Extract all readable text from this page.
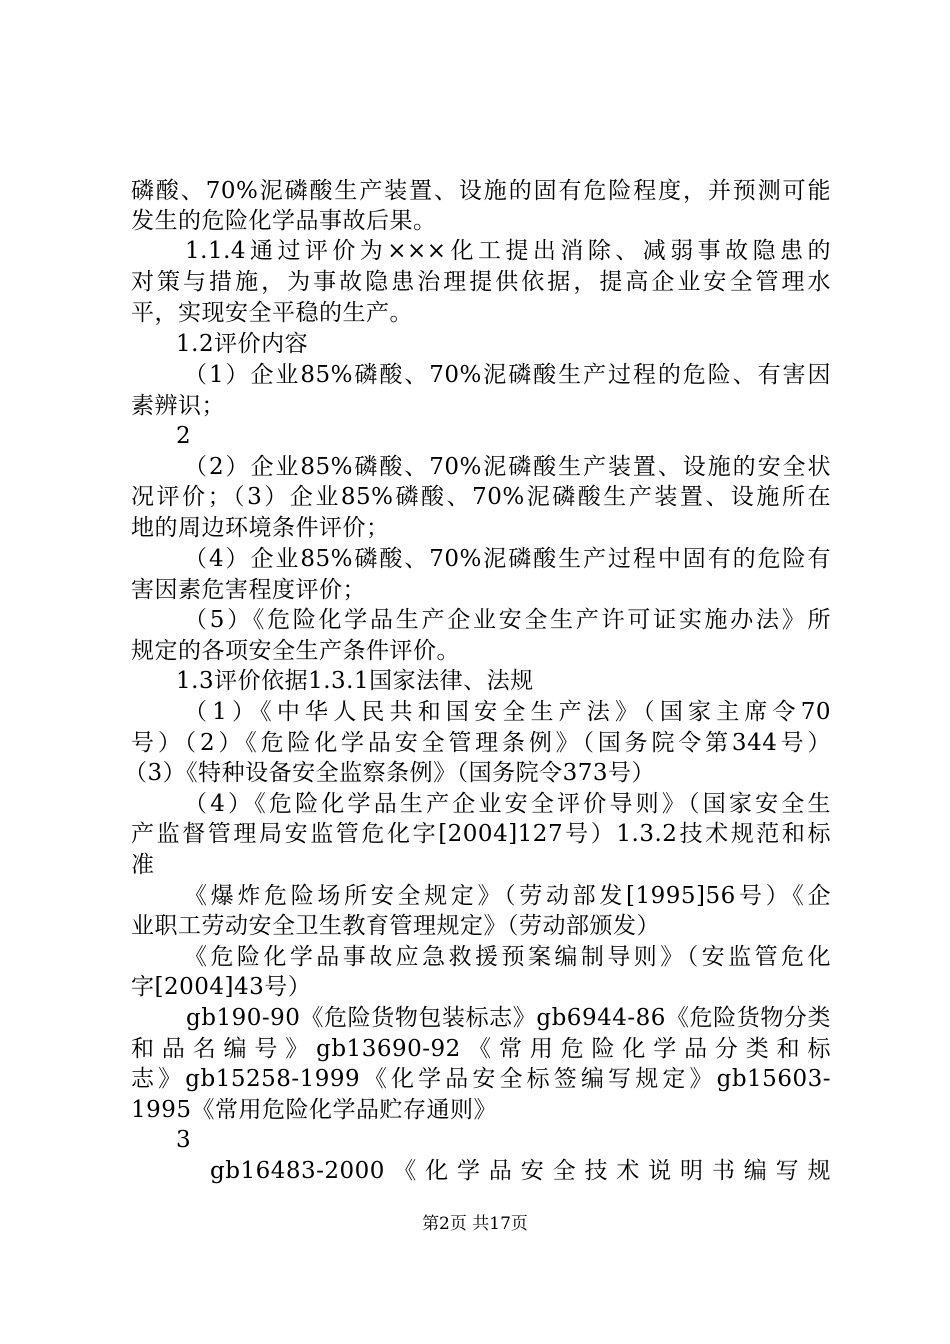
磷酸、70%泥磷酸生产装置、设施的固有危险程度，并预测可能
发生的危险化学品事故后果。
1.1.4通过评价为×××化工提出消除、减弱事故隐患的
对策与措施，为事故隐患治理提供依据，提高企业安全管理水
平，实现安全平稳的生产。
1.2评价内容
（1）企业85%磷酸、70%泥磷酸生产过程的危险、有害因
素辨识；
2
（2）企业85%磷酸、70%泥磷酸生产装置、设施的安全状
况评价；（3）企业85%磷酸、70%泥磷酸生产装置、设施所在
地的周边环境条件评价；
（4）企业85%磷酸、70%泥磷酸生产过程中固有的危险有
害因素危害程度评价；
（5）《危险化学品生产企业安全生产许可证实施办法》所
规定的各项安全生产条件评价。
1.3评价依据1.3.1国家法律、法规
（1）《中华人民共和国安全生产法》（国家主席令70
号）（2）《危险化学品安全管理条例》（国务院令第344号）
（3）《特种设备安全监察条例》（国务院令373号）
（4）《危险化学品生产企业安全评价导则》（国家安全生
产监督管理局安监管危化字[2004]127号）1.3.2技术规范和标
准
《爆炸危险场所安全规定》（劳动部发[1995]56号）《企
业职工劳动安全卫生教育管理规定》（劳动部颁发）
《危险化学品事故应急救援预案编制导则》（安监管危化
字[2004]43号）
gb190-90《危险货物包装标志》gb6944-86《危险货物分类
和品名编号》gb13690-92《常用危险化学品分类和标
志》gb15258-1999《化学品安全标签编写规定》gb15603-
1995《常用危险化学品贮存通则》
3
gb16483-2000《化学品安全技术说明书编写规
第2页 共17页
